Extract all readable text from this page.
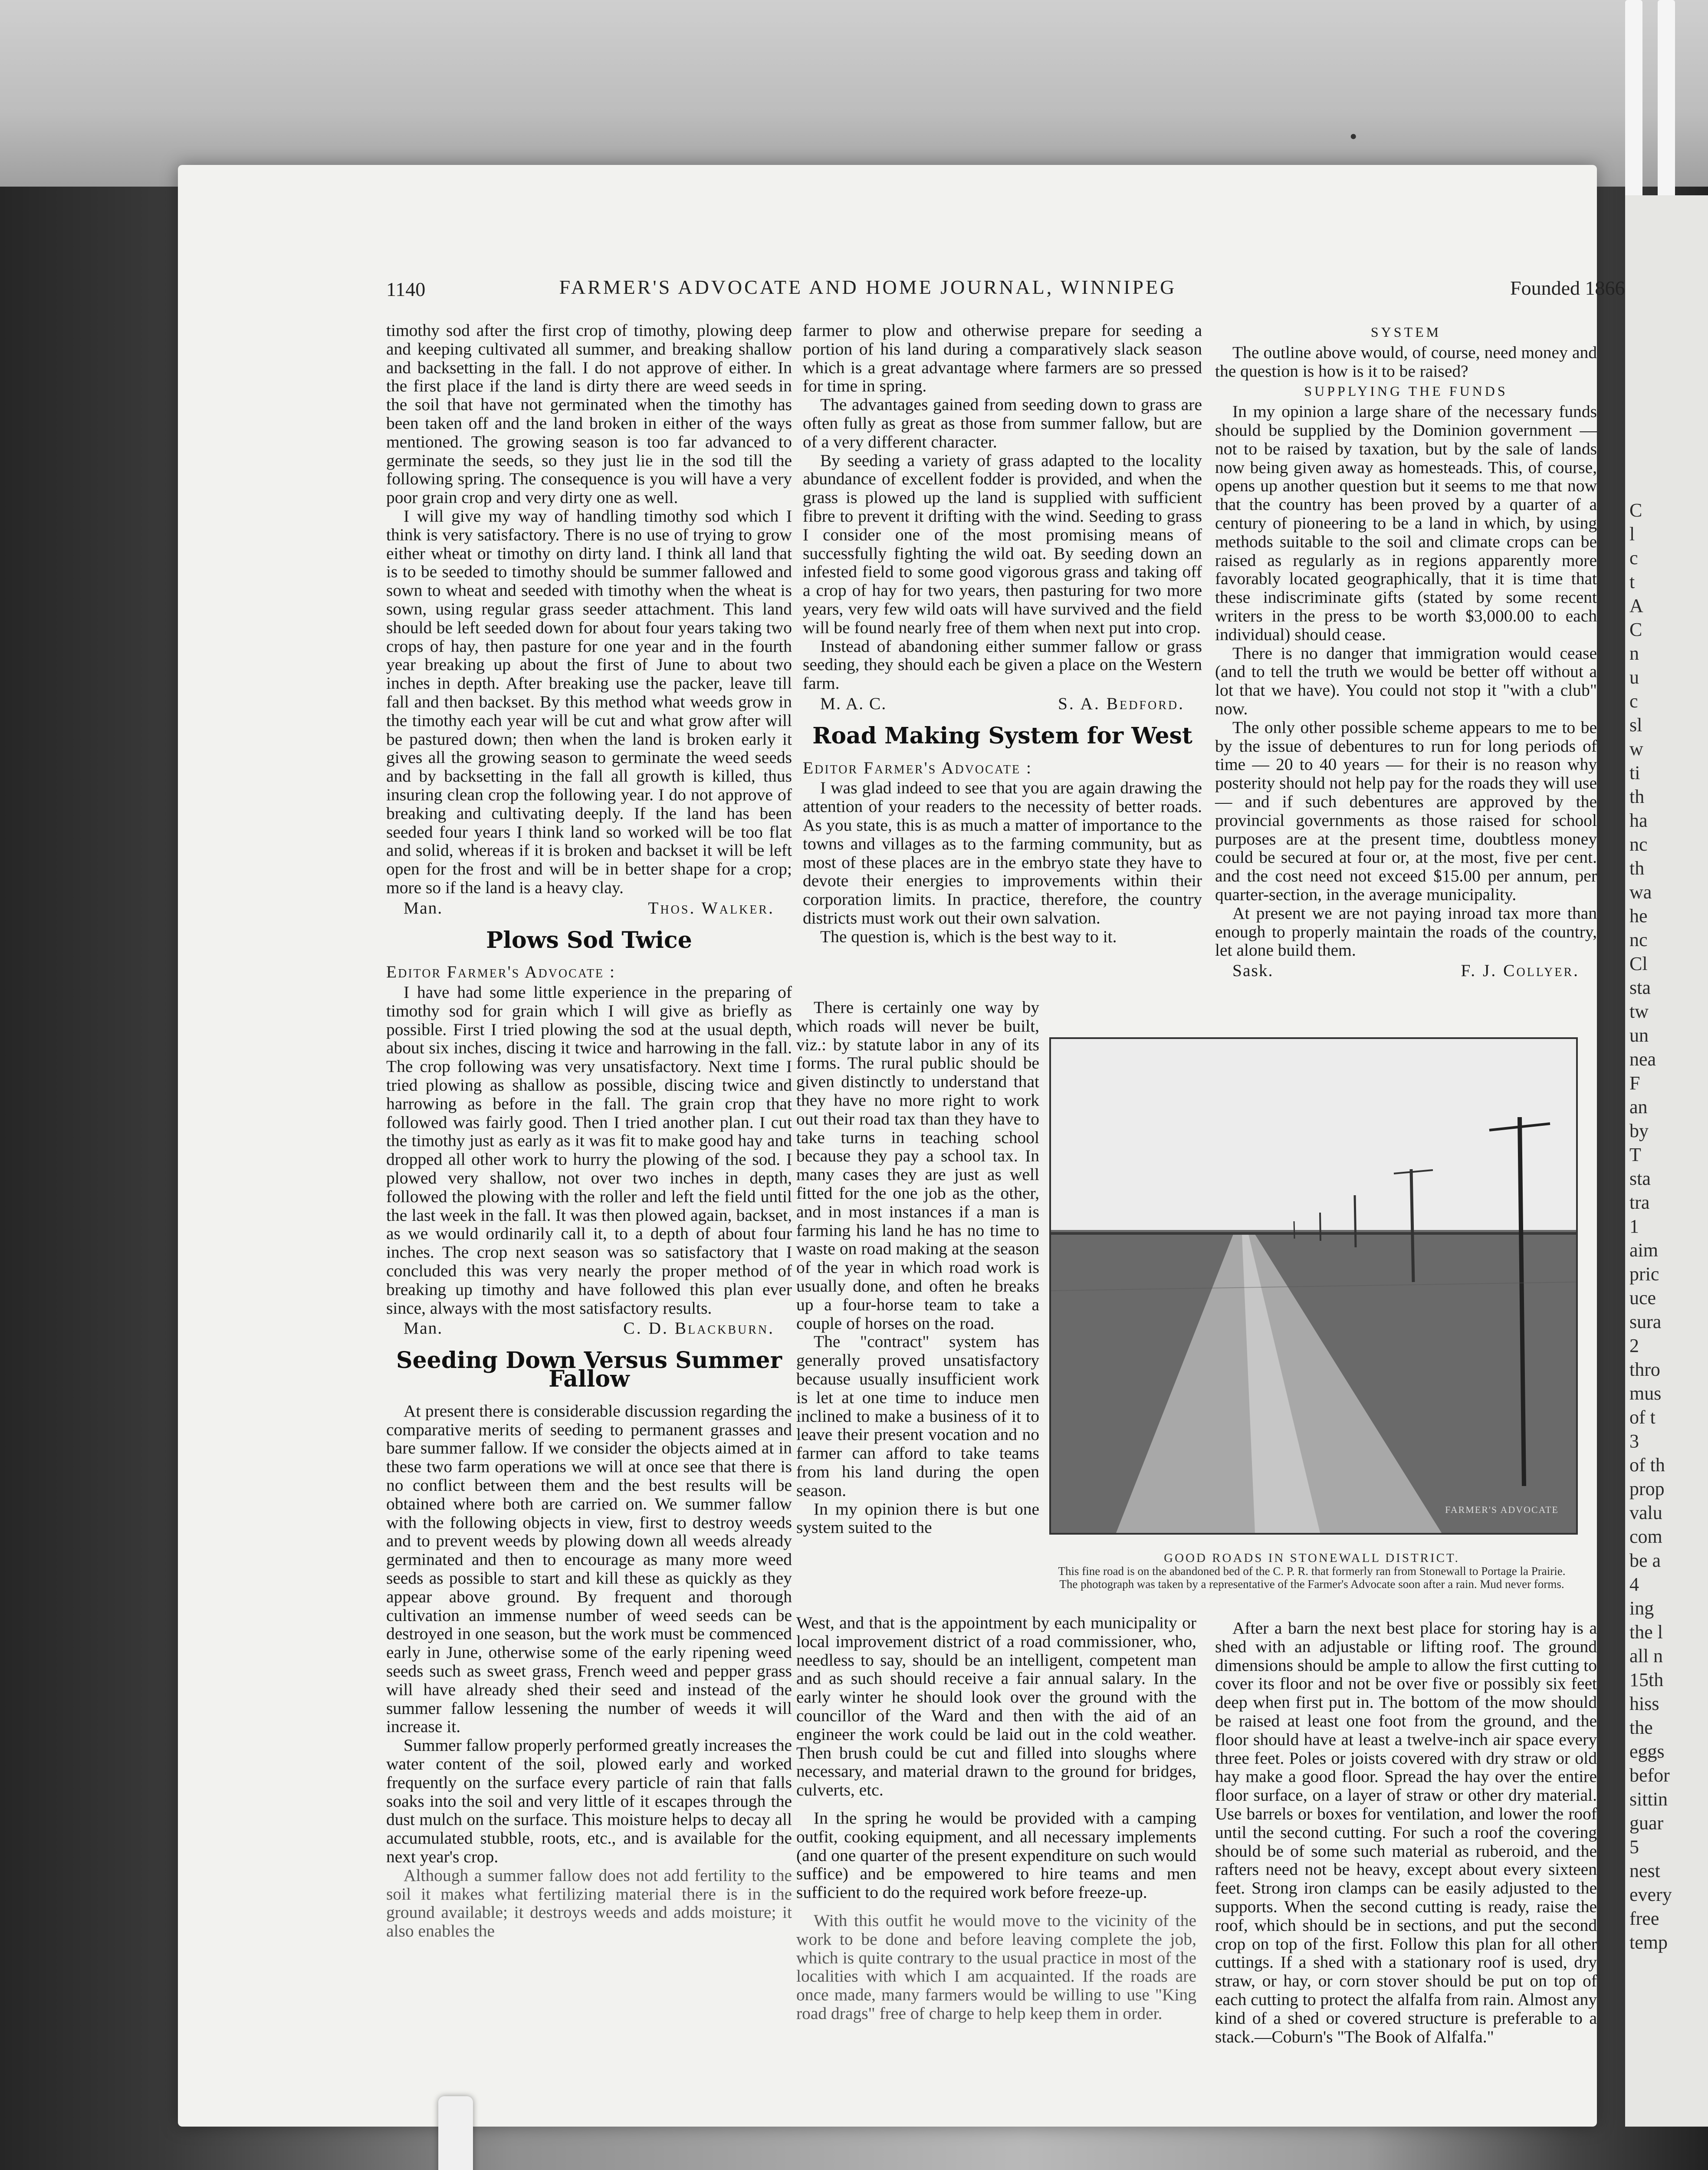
•
C
l
c
t
A
C
n
u
c
sl
w
ti
th
ha
nc
th
wa
he
nc
Cl
sta
tw
un
nea
F
an
by
T
sta
tra
1
aim
pric
uce
sura
2
thro
mus
of t
3
of th
prop
valu
com
be a
4
ing
the l
all n
15th
hiss
the
eggs
befor
sittin
guar
5
nest
every
free
temp
1140	FARMER'S ADVOCATE AND HOME JOURNAL, WINNIPEG	Founded 1866

timothy sod after the first crop of timothy, plowing deep and keeping cultivated all summer, and breaking shallow and backsetting in the fall. I do not approve of either. In the first place if the land is dirty there are weed seeds in the soil that have not germinated when the timothy has been taken off and the land broken in either of the ways mentioned. The growing season is too far advanced to germinate the seeds, so they just lie in the sod till the following spring. The consequence is you will have a very poor grain crop and very dirty one as well.

I will give my way of handling timothy sod which I think is very satisfactory. There is no use of trying to grow either wheat or timothy on dirty land. I think all land that is to be seeded to timothy should be summer fallowed and sown to wheat and seeded with timothy when the wheat is sown, using regular grass seeder attachment. This land should be left seeded down for about four years taking two crops of hay, then pasture for one year and in the fourth year breaking up about the first of June to about two inches in depth. After breaking use the packer, leave till fall and then backset. By this method what weeds grow in the timothy each year will be cut and what grow after will be pastured down; then when the land is broken early it gives all the growing season to germinate the weed seeds and by backsetting in the fall all growth is killed, thus insuring clean crop the following year. I do not approve of breaking and cultivating deeply. If the land has been seeded four years I think land so worked will be too flat and solid, whereas if it is broken and backset it will be left open for the frost and will be in better shape for a crop; more so if the land is a heavy clay.

Man.	Thos. Walker.
Plows Sod Twice
Editor Farmer's Advocate :

I have had some little experience in the preparing of timothy sod for grain which I will give as briefly as possible. First I tried plowing the sod at the usual depth, about six inches, discing it twice and harrowing in the fall. The crop following was very unsatisfactory. Next time I tried plowing as shallow as possible, discing twice and harrowing as before in the fall. The grain crop that followed was fairly good. Then I tried another plan. I cut the timothy just as early as it was fit to make good hay and dropped all other work to hurry the plowing of the sod. I plowed very shallow, not over two inches in depth, followed the plowing with the roller and left the field until the last week in the fall. It was then plowed again, backset, as we would ordinarily call it, to a depth of about four inches. The crop next season was so satisfactory that I concluded this was very nearly the proper method of breaking up timothy and have followed this plan ever since, always with the most satisfactory results.

Man.	C. D. Blackburn.
Seeding Down Versus Summer Fallow

At present there is considerable discussion regarding the comparative merits of seeding to permanent grasses and bare summer fallow. If we consider the objects aimed at in these two farm operations we will at once see that there is no conflict between them and the best results will be obtained where both are carried on. We summer fallow with the following objects in view, first to destroy weeds and to prevent weeds by plowing down all weeds already germinated and then to encourage as many more weed seeds as possible to start and kill these as quickly as they appear above ground. By frequent and thorough cultivation an immense number of weed seeds can be destroyed in one season, but the work must be commenced early in June, otherwise some of the early ripening weed seeds such as sweet grass, French weed and pepper grass will have already shed their seed and instead of the summer fallow lessening the number of weeds it will increase it.

Summer fallow properly performed greatly increases the water content of the soil, plowed early and worked frequently on the surface every particle of rain that falls soaks into the soil and very little of it escapes through the dust mulch on the surface. This moisture helps to decay all accumulated stubble, roots, etc., and is available for the next year's crop.

Although a summer fallow does not add fertility to the soil it makes what fertilizing material there is in the ground available; it destroys weeds and adds moisture; it also enables the

farmer to plow and otherwise prepare for seeding a portion of his land during a comparatively slack season which is a great advantage where farmers are so pressed for time in spring.

The advantages gained from seeding down to grass are often fully as great as those from summer fallow, but are of a very different character.

By seeding a variety of grass adapted to the locality abundance of excellent fodder is provided, and when the grass is plowed up the land is supplied with sufficient fibre to prevent it drifting with the wind. Seeding to grass I consider one of the most promising means of successfully fighting the wild oat. By seeding down an infested field to some good vigorous grass and taking off a crop of hay for two years, then pasturing for two more years, very few wild oats will have survived and the field will be found nearly free of them when next put into crop.

Instead of abandoning either summer fallow or grass seeding, they should each be given a place on the Western farm.

M. A. C.	S. A. Bedford.
Road Making System for West
Editor Farmer's Advocate :

I was glad indeed to see that you are again drawing the attention of your readers to the necessity of better roads. As you state, this is as much a matter of importance to the towns and villages as to the farming community, but as most of these places are in the embryo state they have to devote their energies to improvements within their corporation limits. In practice, therefore, the country districts must work out their own salvation.

The question is, which is the best way to it.

There is certainly one way by which roads will never be built, viz.: by statute labor in any of its forms. The rural public should be given distinctly to understand that they have no more right to work out their road tax than they have to take turns in teaching school because they pay a school tax. In many cases they are just as well fitted for the one job as the other, and in most instances if a man is farming his land he has no time to waste on road making at the season of the year in which road work is usually done, and often he breaks up a four-horse team to take a couple of horses on the road.

The "contract" system has generally proved unsatisfactory because usually insufficient work is let at one time to induce men inclined to make a business of it to leave their present vocation and no farmer can afford to take teams from his land during the open season.

In my opinion there is but one system suited to the

SYSTEM

The outline above would, of course, need money and the question is how is it to be raised?

SUPPLYING THE FUNDS

In my opinion a large share of the necessary funds should be supplied by the Dominion government — not to be raised by taxation, but by the sale of lands now being given away as homesteads. This, of course, opens up another question but it seems to me that now that the country has been proved by a quarter of a century of pioneering to be a land in which, by using methods suitable to the soil and climate crops can be raised as regularly as in regions apparently more favorably located geographically, that it is time that these indiscriminate gifts (stated by some recent writers in the press to be worth $3,000.00 to each individual) should cease.

There is no danger that immigration would cease (and to tell the truth we would be better off without a lot that we have). You could not stop it "with a club" now.

The only other possible scheme appears to me to be by the issue of debentures to run for long periods of time — 20 to 40 years — for their is no reason why posterity should not help pay for the roads they will use — and if such debentures are approved by the provincial governments as those raised for school purposes are at the present time, doubtless money could be secured at four or, at the most, five per cent. and the cost need not exceed $15.00 per annum, per quarter-section, in the average municipality.

At present we are not paying inroad tax more than enough to properly maintain the roads of the country, let alone build them.

Sask.	F. J. Collyer.
FARMER'S ADVOCATE
GOOD ROADS IN STONEWALL DISTRICT.
This fine road is on the abandoned bed of the C. P. R. that formerly ran from Stonewall to Portage la Prairie. The photograph was taken by a representative of the Farmer's Advocate soon after a rain. Mud never forms.

West, and that is the appointment by each municipality or local improvement district of a road commissioner, who, needless to say, should be an intelligent, competent man and as such should receive a fair annual salary. In the early winter he should look over the ground with the councillor of the Ward and then with the aid of an engineer the work could be laid out in the cold weather. Then brush could be cut and filled into sloughs where necessary, and material drawn to the ground for bridges, culverts, etc.

In the spring he would be provided with a camping outfit, cooking equipment, and all necessary implements (and one quarter of the present expenditure on such would suffice) and be empowered to hire teams and men sufficient to do the required work before freeze-up.

With this outfit he would move to the vicinity of the work to be done and before leaving complete the job, which is quite contrary to the usual practice in most of the localities with which I am acquainted. If the roads are once made, many farmers would be willing to use "King road drags" free of charge to help keep them in order.

After a barn the next best place for storing hay is a shed with an adjustable or lifting roof. The ground dimensions should be ample to allow the first cutting to cover its floor and not be over five or possibly six feet deep when first put in. The bottom of the mow should be raised at least one foot from the ground, and the floor should have at least a twelve-inch air space every three feet. Poles or joists covered with dry straw or old hay make a good floor. Spread the hay over the entire floor surface, on a layer of straw or other dry material. Use barrels or boxes for ventilation, and lower the roof until the second cutting. For such a roof the covering should be of some such material as ruberoid, and the rafters need not be heavy, except about every sixteen feet. Strong iron clamps can be easily adjusted to the supports. When the second cutting is ready, raise the roof, which should be in sections, and put the second crop on top of the first. Follow this plan for all other cuttings. If a shed with a stationary roof is used, dry straw, or hay, or corn stover should be put on top of each cutting to protect the alfalfa from rain. Almost any kind of a shed or covered structure is preferable to a stack.—Coburn's "The Book of Alfalfa."
